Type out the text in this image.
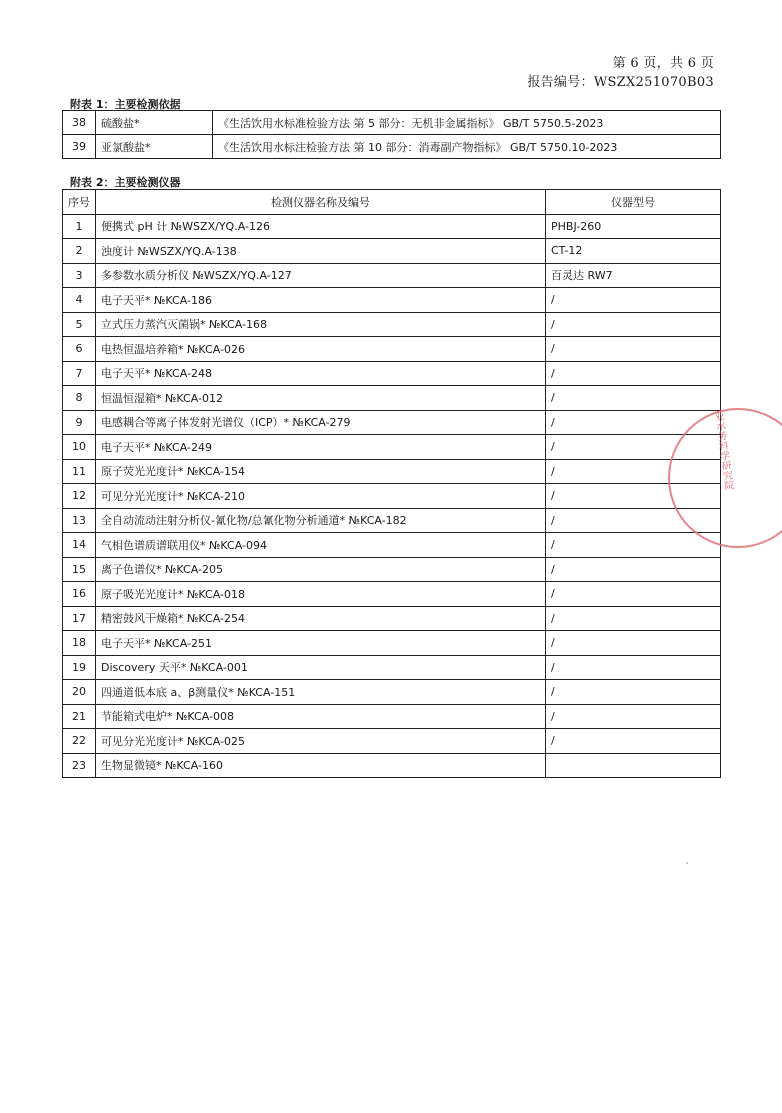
第 6 页，共 6 页
报告编号：WSZX251070B03
附表 1：主要检测依据
38	硫酸盐*	《生活饮用水标准检验方法 第 5 部分：无机非金属指标》 GB/T 5750.5-2023
39	亚氯酸盐*	《生活饮用水标注检验方法 第 10 部分：消毒副产物指标》 GB/T 5750.10-2023
附表 2：主要检测仪器
序号	检测仪器名称及编号	仪器型号
1	便携式 pH 计 №WSZX/YQ.A-126	PHBJ-260
2	浊度计 №WSZX/YQ.A-138	CT-12
3	多参数水质分析仪 №WSZX/YQ.A-127	百灵达 RW7
4	电子天平* №KCA-186	/
5	立式压力蒸汽灭菌锅* №KCA-168	/
6	电热恒温培养箱* №KCA-026	/
7	电子天平* №KCA-248	/
8	恒温恒湿箱* №KCA-012	/
9	电感耦合等离子体发射光谱仪（ICP）* №KCA-279	/
10	电子天平* №KCA-249	/
11	原子荧光光度计* №KCA-154	/
12	可见分光光度计* №KCA-210	/
13	全自动流动注射分析仪-氰化物/总氰化物分析通道* №KCA-182	/
14	气相色谱质谱联用仪* №KCA-094	/
15	离子色谱仪* №KCA-205	/
16	原子吸光光度计* №KCA-018	/
17	精密鼓风干燥箱* №KCA-254	/
18	电子天平* №KCA-251	/
19	Discovery 天平* №KCA-001	/
20	四通道低本底 a、β测量仪* №KCA-151	/
21	节能箱式电炉* №KCA-008	/
22	可见分光光度计* №KCA-025	/
23	生物显微镜* №KCA-160	
业水务科学研究院
